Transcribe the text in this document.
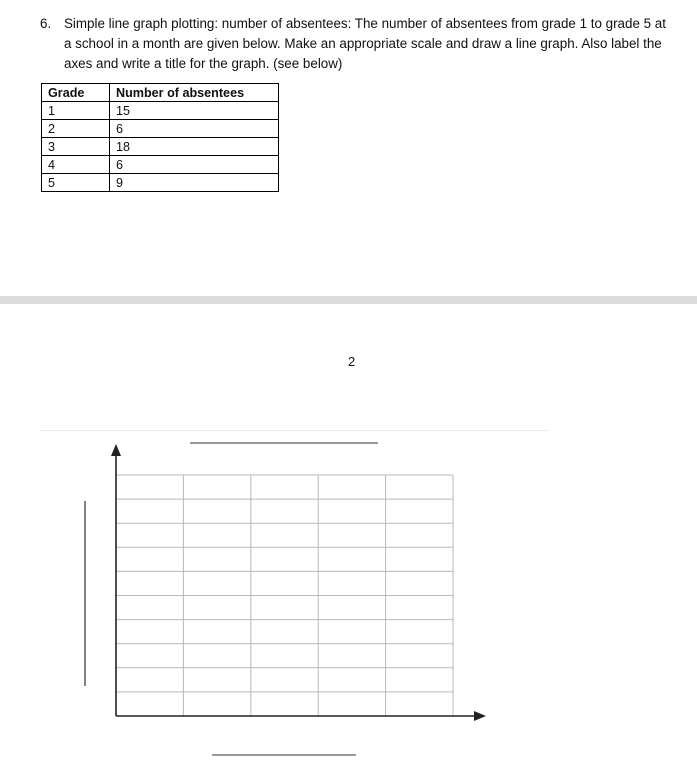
6. Simple line graph plotting: number of absentees: The number of absentees from grade 1 to grade 5 at a school in a month are given below. Make an appropriate scale and draw a line graph. Also label the axes and write a title for the graph. (see below)
Grade	Number of absentees
1	15
2	6
3	18
4	6
5	9
2
